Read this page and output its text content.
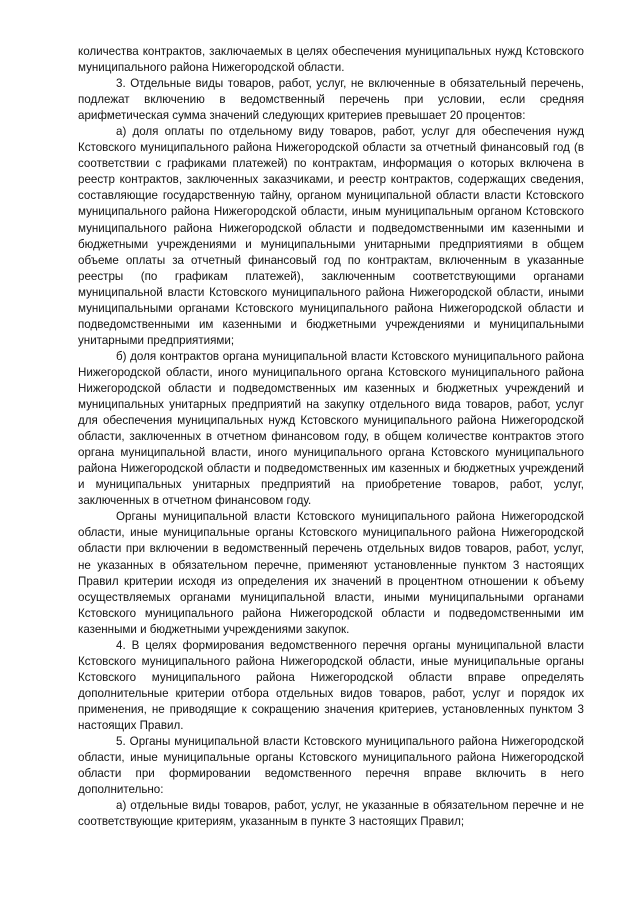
количества контрактов, заключаемых в целях обеспечения муниципальных нужд Кстовского муниципального района Нижегородской области.

3. Отдельные виды товаров, работ, услуг, не включенные в обязательный перечень, подлежат включению в ведомственный перечень при условии, если средняя арифметическая сумма значений следующих критериев превышает 20 процентов:

а) доля оплаты по отдельному виду товаров, работ, услуг для обеспечения нужд Кстовского муниципального района Нижегородской области за отчетный финансовый год (в соответствии с графиками платежей) по контрактам, информация о которых включена в реестр контрактов, заключенных заказчиками, и реестр контрактов, содержащих сведения, составляющие государственную тайну, органом муниципальной области власти Кстовского муниципального района Нижегородской области, иным муниципальным органом Кстовского муниципального района Нижегородской области и подведомственными им казенными и бюджетными учреждениями и муниципальными унитарными предприятиями в общем объеме оплаты за отчетный финансовый год по контрактам, включенным в указанные реестры (по графикам платежей), заключенным соответствующими органами муниципальной власти Кстовского муниципального района Нижегородской области, иными муниципальными органами Кстовского муниципального района Нижегородской области и подведомственными им казенными и бюджетными учреждениями и муниципальными унитарными предприятиями;

б) доля контрактов органа муниципальной власти Кстовского муниципального района Нижегородской области, иного муниципального органа Кстовского муниципального района Нижегородской области и подведомственных им казенных и бюджетных учреждений и муниципальных унитарных предприятий на закупку отдельного вида товаров, работ, услуг для обеспечения муниципальных нужд Кстовского муниципального района Нижегородской области, заключенных в отчетном финансовом году, в общем количестве контрактов этого органа муниципальной власти, иного муниципального органа Кстовского муниципального района Нижегородской области и подведомственных им казенных и бюджетных учреждений и муниципальных унитарных предприятий на приобретение товаров, работ, услуг, заключенных в отчетном финансовом году.

Органы муниципальной власти Кстовского муниципального района Нижегородской области, иные муниципальные органы Кстовского муниципального района Нижегородской области при включении в ведомственный перечень отдельных видов товаров, работ, услуг, не указанных в обязательном перечне, применяют установленные пунктом 3 настоящих Правил критерии исходя из определения их значений в процентном отношении к объему осуществляемых органами муниципальной власти, иными муниципальными органами Кстовского муниципального района Нижегородской области и подведомственными им казенными и бюджетными учреждениями закупок.

4. В целях формирования ведомственного перечня органы муниципальной власти Кстовского муниципального района Нижегородской области, иные муниципальные органы Кстовского муниципального района Нижегородской области вправе определять дополнительные критерии отбора отдельных видов товаров, работ, услуг и порядок их применения, не приводящие к сокращению значения критериев, установленных пунктом 3 настоящих Правил.

5. Органы муниципальной власти Кстовского муниципального района Нижегородской области, иные муниципальные органы Кстовского муниципального района Нижегородской области при формировании ведомственного перечня вправе включить в него дополнительно:

а) отдельные виды товаров, работ, услуг, не указанные в обязательном перечне и не соответствующие критериям, указанным в пункте 3 настоящих Правил;
